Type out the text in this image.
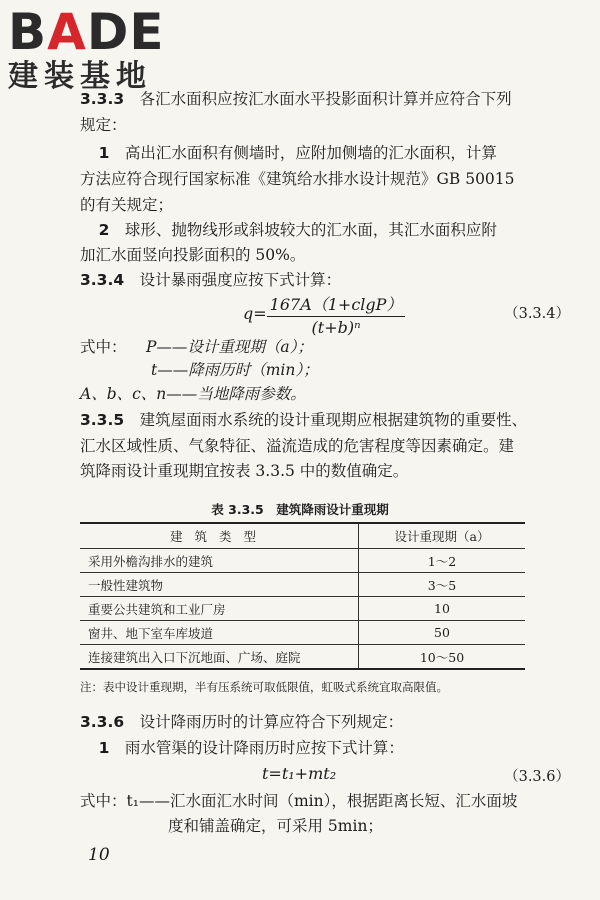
BADE
建装基地
3.3.3　 各汇水面积应按汇水面水平投影面积计算并应符合下列
规定：
　 1　 高出汇水面积有侧墙时，应附加侧墙的汇水面积，计算
方法应符合现行国家标准《建筑给水排水设计规范》GB 50015
的有关规定；
　 2　 球形、抛物线形或斜坡较大的汇水面，其汇水面积应附
加汇水面竖向投影面积的 50%。
3.3.4　 设计暴雨强度应按下式计算：
$q= \frac{167A(1+clgP)}{\text{(t+b)ⁿ}}$	（3.3.4）
式中：	P——设计重现期（a）；
t——降雨历时（min）；
A、b、c、n——当地降雨参数。
3.3.5　 建筑屋面雨水系统的设计重现期应根据建筑物的重要性、
汇水区域性质、气象特征、溢流造成的危害程度等因素确定。建
筑降雨设计重现期宜按表 3.3.5 中的数值确定。
表 3.3.5　建筑降雨设计重现期
建筑类型	设计重现期（a）
采用外檐沟排水的建筑	1～2
一般性建筑物	3～5
重要公共建筑和工业厂房	10
窗井、地下室车库坡道	50
连接建筑出入口下沉地面、广场、庭院	10～50
注：表中设计重现期，半有压系统可取低限值，虹吸式系统宜取高限值。
3.3.6　 设计降雨历时的计算应符合下列规定：
　 1　 雨水管渠的设计降雨历时应按下式计算：
t=t₁+mt₂	（3.3.6）
式中：t₁——汇水面汇水时间（min），根据距离长短、汇水面坡
度和铺盖确定，可采用 5min；
10
